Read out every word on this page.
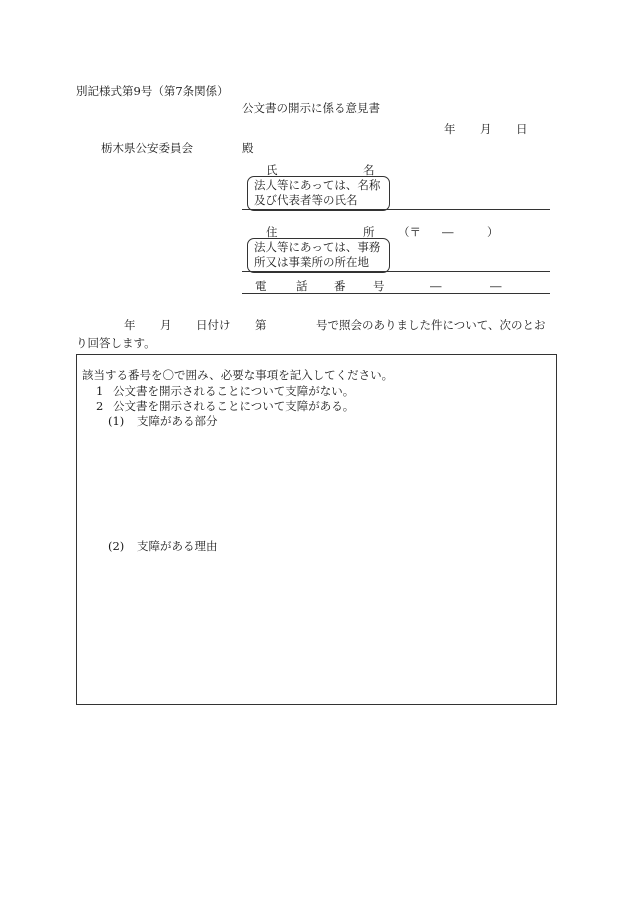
別記様式第9号（第7条関係）
公文書の開示に係る意見書
年 月 日
栃木県公安委員会	殿
氏	名
法人等にあっては、名称
及び代表者等の氏名
住	所 （〒 ―	）
法人等にあっては、事務
所又は事業所の所在地
電	話 番 号	―	―
年 月 日付け 第	号で照会のありました件について、次のとお
り回答します。
該当する番号を〇で囲み、必要な事項を記入してください。
1 公文書を開示されることについて支障がない。
2 公文書を開示されることについて支障がある。
(1) 支障がある部分
(2) 支障がある理由
